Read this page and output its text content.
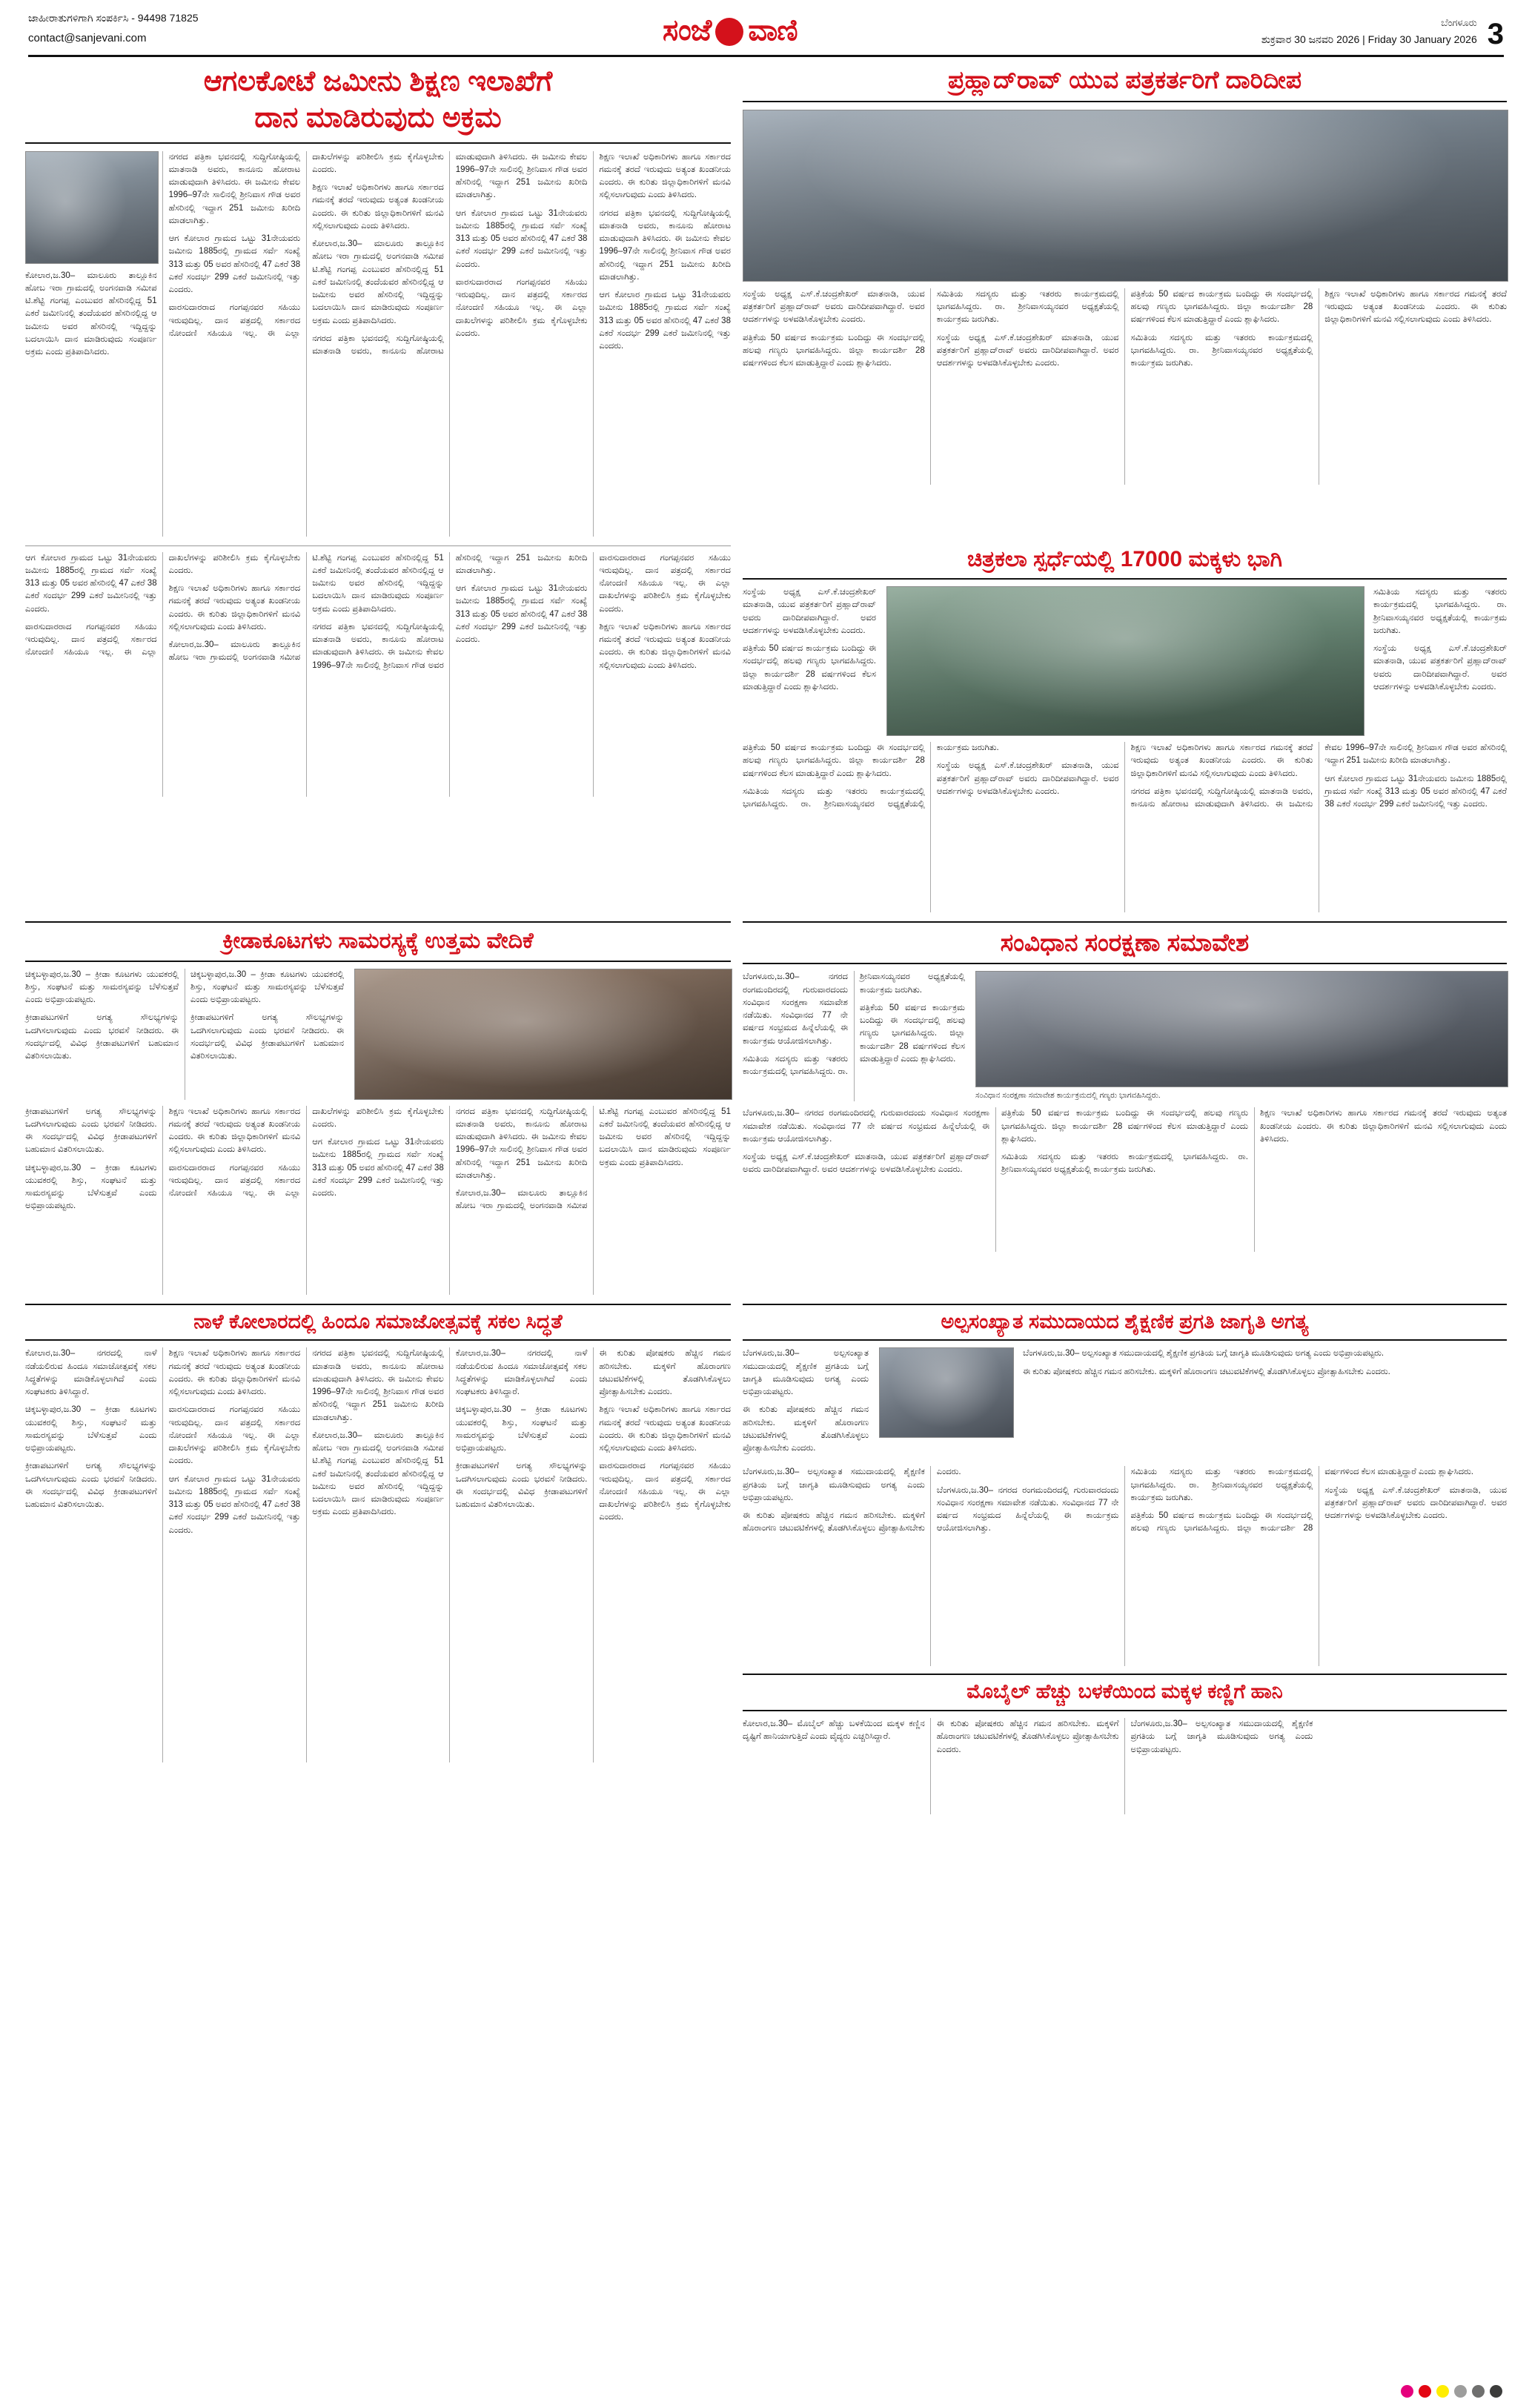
ಜಾಹೀರಾತುಗಳಿಗಾಗಿ ಸಂಪರ್ಕಿಸಿ - 94498 71825
contact@sanjevani.com	ಸಂಜೆ ವಾಣಿ	ಬೆಂಗಳೂರು
ಶುಕ್ರವಾರ 30 ಜನವರಿ 2026 | Friday 30 January 2026 3
ಆಗಲಕೋಟೆ ಜಮೀನು ಶಿಕ್ಷಣ ಇಲಾಖೆಗೆ
ದಾನ ಮಾಡಿರುವುದು ಅಕ್ರಮ

ಕೋಲಾರ,ಜ.30– ಮಾಲೂರು ತಾಲ್ಲೂಕಿನ ಹೋಬ ಇರಾ ಗ್ರಾಮದಲ್ಲಿ ಅಂಗನವಾಡಿ ಸಮೀಪ ಟಿ.ಶೆಟ್ಟಿ ಗಂಗಪ್ಪ ಎಂಬುವರ ಹೆಸರಿನಲ್ಲಿದ್ದ 51 ಎಕರೆ ಜಮೀನಿನಲ್ಲಿ ತಂದೆಯವರ ಹೆಸರಿನಲ್ಲಿದ್ದ ಆ ಜಮೀನು ಅವರ ಹೆಸರಿನಲ್ಲಿ ಇದ್ದಿದ್ದನ್ನು ಬದಲಾಯಿಸಿ ದಾನ ಮಾಡಿರುವುದು ಸಂಪೂರ್ಣ ಅಕ್ರಮ ಎಂದು ಪ್ರತಿಪಾದಿಸಿದರು.

ನಗರದ ಪತ್ರಿಕಾ ಭವನದಲ್ಲಿ ಸುದ್ದಿಗೋಷ್ಠಿಯಲ್ಲಿ ಮಾತನಾಡಿ ಅವರು, ಕಾನೂನು ಹೋರಾಟ ಮಾಡುವುದಾಗಿ ತಿಳಿಸಿದರು. ಈ ಜಮೀನು ಕೇವಲ 1996–97ನೇ ಸಾಲಿನಲ್ಲಿ ಶ್ರೀನಿವಾಸ ಗೌಡ ಅವರ ಹೆಸರಿನಲ್ಲಿ ಇದ್ದಾಗ 251 ಜಮೀನು ಖರೀದಿ ಮಾಡಲಾಗಿತ್ತು.

ಆಗ ಕೋಲಾರ ಗ್ರಾಮದ ಒಟ್ಟು 31ನೇಯವರು ಜಮೀನು 1885ರಲ್ಲಿ ಗ್ರಾಮದ ಸರ್ವೆ ಸಂಖ್ಯೆ 313 ಮತ್ತು 05 ಅವರ ಹೆಸರಿನಲ್ಲಿ 47 ಎಕರೆ 38 ಎಕರೆ ಸಂದರ್ಭ 299 ಎಕರೆ ಜಮೀನಿನಲ್ಲಿ ಇತ್ತು ಎಂದರು.

ವಾರಸುದಾರರಾದ ಗಂಗಪ್ಪನವರ ಸಹಿಯು ಇರುವುದಿಲ್ಲ. ದಾನ ಪತ್ರದಲ್ಲಿ ಸರ್ಕಾರದ ನೋಂದಣಿ ಸಹಿಯೂ ಇಲ್ಲ. ಈ ಎಲ್ಲಾ ದಾಖಲೆಗಳನ್ನು ಪರಿಶೀಲಿಸಿ ಕ್ರಮ ಕೈಗೊಳ್ಳಬೇಕು ಎಂದರು.

ಶಿಕ್ಷಣ ಇಲಾಖೆ ಅಧಿಕಾರಿಗಳು ಹಾಗೂ ಸರ್ಕಾರದ ಗಮನಕ್ಕೆ ತರದೆ ಇರುವುದು ಅತ್ಯಂತ ಖಂಡನೀಯ ಎಂದರು. ಈ ಕುರಿತು ಜಿಲ್ಲಾಧಿಕಾರಿಗಳಿಗೆ ಮನವಿ ಸಲ್ಲಿಸಲಾಗುವುದು ಎಂದು ತಿಳಿಸಿದರು.

ಕೋಲಾರ,ಜ.30– ಮಾಲೂರು ತಾಲ್ಲೂಕಿನ ಹೋಬ ಇರಾ ಗ್ರಾಮದಲ್ಲಿ ಅಂಗನವಾಡಿ ಸಮೀಪ ಟಿ.ಶೆಟ್ಟಿ ಗಂಗಪ್ಪ ಎಂಬುವರ ಹೆಸರಿನಲ್ಲಿದ್ದ 51 ಎಕರೆ ಜಮೀನಿನಲ್ಲಿ ತಂದೆಯವರ ಹೆಸರಿನಲ್ಲಿದ್ದ ಆ ಜಮೀನು ಅವರ ಹೆಸರಿನಲ್ಲಿ ಇದ್ದಿದ್ದನ್ನು ಬದಲಾಯಿಸಿ ದಾನ ಮಾಡಿರುವುದು ಸಂಪೂರ್ಣ ಅಕ್ರಮ ಎಂದು ಪ್ರತಿಪಾದಿಸಿದರು.

ನಗರದ ಪತ್ರಿಕಾ ಭವನದಲ್ಲಿ ಸುದ್ದಿಗೋಷ್ಠಿಯಲ್ಲಿ ಮಾತನಾಡಿ ಅವರು, ಕಾನೂನು ಹೋರಾಟ ಮಾಡುವುದಾಗಿ ತಿಳಿಸಿದರು. ಈ ಜಮೀನು ಕೇವಲ 1996–97ನೇ ಸಾಲಿನಲ್ಲಿ ಶ್ರೀನಿವಾಸ ಗೌಡ ಅವರ ಹೆಸರಿನಲ್ಲಿ ಇದ್ದಾಗ 251 ಜಮೀನು ಖರೀದಿ ಮಾಡಲಾಗಿತ್ತು.

ಆಗ ಕೋಲಾರ ಗ್ರಾಮದ ಒಟ್ಟು 31ನೇಯವರು ಜಮೀನು 1885ರಲ್ಲಿ ಗ್ರಾಮದ ಸರ್ವೆ ಸಂಖ್ಯೆ 313 ಮತ್ತು 05 ಅವರ ಹೆಸರಿನಲ್ಲಿ 47 ಎಕರೆ 38 ಎಕರೆ ಸಂದರ್ಭ 299 ಎಕರೆ ಜಮೀನಿನಲ್ಲಿ ಇತ್ತು ಎಂದರು.

ವಾರಸುದಾರರಾದ ಗಂಗಪ್ಪನವರ ಸಹಿಯು ಇರುವುದಿಲ್ಲ. ದಾನ ಪತ್ರದಲ್ಲಿ ಸರ್ಕಾರದ ನೋಂದಣಿ ಸಹಿಯೂ ಇಲ್ಲ. ಈ ಎಲ್ಲಾ ದಾಖಲೆಗಳನ್ನು ಪರಿಶೀಲಿಸಿ ಕ್ರಮ ಕೈಗೊಳ್ಳಬೇಕು ಎಂದರು.

ಶಿಕ್ಷಣ ಇಲಾಖೆ ಅಧಿಕಾರಿಗಳು ಹಾಗೂ ಸರ್ಕಾರದ ಗಮನಕ್ಕೆ ತರದೆ ಇರುವುದು ಅತ್ಯಂತ ಖಂಡನೀಯ ಎಂದರು. ಈ ಕುರಿತು ಜಿಲ್ಲಾಧಿಕಾರಿಗಳಿಗೆ ಮನವಿ ಸಲ್ಲಿಸಲಾಗುವುದು ಎಂದು ತಿಳಿಸಿದರು.

ನಗರದ ಪತ್ರಿಕಾ ಭವನದಲ್ಲಿ ಸುದ್ದಿಗೋಷ್ಠಿಯಲ್ಲಿ ಮಾತನಾಡಿ ಅವರು, ಕಾನೂನು ಹೋರಾಟ ಮಾಡುವುದಾಗಿ ತಿಳಿಸಿದರು. ಈ ಜಮೀನು ಕೇವಲ 1996–97ನೇ ಸಾಲಿನಲ್ಲಿ ಶ್ರೀನಿವಾಸ ಗೌಡ ಅವರ ಹೆಸರಿನಲ್ಲಿ ಇದ್ದಾಗ 251 ಜಮೀನು ಖರೀದಿ ಮಾಡಲಾಗಿತ್ತು.

ಆಗ ಕೋಲಾರ ಗ್ರಾಮದ ಒಟ್ಟು 31ನೇಯವರು ಜಮೀನು 1885ರಲ್ಲಿ ಗ್ರಾಮದ ಸರ್ವೆ ಸಂಖ್ಯೆ 313 ಮತ್ತು 05 ಅವರ ಹೆಸರಿನಲ್ಲಿ 47 ಎಕರೆ 38 ಎಕರೆ ಸಂದರ್ಭ 299 ಎಕರೆ ಜಮೀನಿನಲ್ಲಿ ಇತ್ತು ಎಂದರು.

ಪ್ರಹ್ಲಾದ್‌ರಾವ್ ಯುವ ಪತ್ರಕರ್ತರಿಗೆ ದಾರಿದೀಪ

ಸಂಸ್ಥೆಯ ಅಧ್ಯಕ್ಷ ಎಸ್.ಕೆ.ಚಂದ್ರಶೇಖರ್ ಮಾತನಾಡಿ, ಯುವ ಪತ್ರಕರ್ತರಿಗೆ ಪ್ರಹ್ಲಾದ್‌ರಾವ್ ಅವರು ದಾರಿದೀಪವಾಗಿದ್ದಾರೆ. ಅವರ ಆದರ್ಶಗಳನ್ನು ಅಳವಡಿಸಿಕೊಳ್ಳಬೇಕು ಎಂದರು.

ಪತ್ರಿಕೆಯ 50 ವರ್ಷದ ಕಾರ್ಯಕ್ರಮ ಬಂದಿದ್ದು ಈ ಸಂದರ್ಭದಲ್ಲಿ ಹಲವು ಗಣ್ಯರು ಭಾಗವಹಿಸಿದ್ದರು. ಜಿಲ್ಲಾ ಕಾರ್ಯದರ್ಶಿ 28 ವರ್ಷಗಳಿಂದ ಕೆಲಸ ಮಾಡುತ್ತಿದ್ದಾರೆ ಎಂದು ಶ್ಲಾಘಿಸಿದರು.

ಸಮಿತಿಯ ಸದಸ್ಯರು ಮತ್ತು ಇತರರು ಕಾರ್ಯಕ್ರಮದಲ್ಲಿ ಭಾಗವಹಿಸಿದ್ದರು. ರಾ. ಶ್ರೀನಿವಾಸಯ್ಯನವರ ಅಧ್ಯಕ್ಷತೆಯಲ್ಲಿ ಕಾರ್ಯಕ್ರಮ ಜರುಗಿತು.

ಸಂಸ್ಥೆಯ ಅಧ್ಯಕ್ಷ ಎಸ್.ಕೆ.ಚಂದ್ರಶೇಖರ್ ಮಾತನಾಡಿ, ಯುವ ಪತ್ರಕರ್ತರಿಗೆ ಪ್ರಹ್ಲಾದ್‌ರಾವ್ ಅವರು ದಾರಿದೀಪವಾಗಿದ್ದಾರೆ. ಅವರ ಆದರ್ಶಗಳನ್ನು ಅಳವಡಿಸಿಕೊಳ್ಳಬೇಕು ಎಂದರು.

ಪತ್ರಿಕೆಯ 50 ವರ್ಷದ ಕಾರ್ಯಕ್ರಮ ಬಂದಿದ್ದು ಈ ಸಂದರ್ಭದಲ್ಲಿ ಹಲವು ಗಣ್ಯರು ಭಾಗವಹಿಸಿದ್ದರು. ಜಿಲ್ಲಾ ಕಾರ್ಯದರ್ಶಿ 28 ವರ್ಷಗಳಿಂದ ಕೆಲಸ ಮಾಡುತ್ತಿದ್ದಾರೆ ಎಂದು ಶ್ಲಾಘಿಸಿದರು.

ಸಮಿತಿಯ ಸದಸ್ಯರು ಮತ್ತು ಇತರರು ಕಾರ್ಯಕ್ರಮದಲ್ಲಿ ಭಾಗವಹಿಸಿದ್ದರು. ರಾ. ಶ್ರೀನಿವಾಸಯ್ಯನವರ ಅಧ್ಯಕ್ಷತೆಯಲ್ಲಿ ಕಾರ್ಯಕ್ರಮ ಜರುಗಿತು.

ಶಿಕ್ಷಣ ಇಲಾಖೆ ಅಧಿಕಾರಿಗಳು ಹಾಗೂ ಸರ್ಕಾರದ ಗಮನಕ್ಕೆ ತರದೆ ಇರುವುದು ಅತ್ಯಂತ ಖಂಡನೀಯ ಎಂದರು. ಈ ಕುರಿತು ಜಿಲ್ಲಾಧಿಕಾರಿಗಳಿಗೆ ಮನವಿ ಸಲ್ಲಿಸಲಾಗುವುದು ಎಂದು ತಿಳಿಸಿದರು.

ಆಗ ಕೋಲಾರ ಗ್ರಾಮದ ಒಟ್ಟು 31ನೇಯವರು ಜಮೀನು 1885ರಲ್ಲಿ ಗ್ರಾಮದ ಸರ್ವೆ ಸಂಖ್ಯೆ 313 ಮತ್ತು 05 ಅವರ ಹೆಸರಿನಲ್ಲಿ 47 ಎಕರೆ 38 ಎಕರೆ ಸಂದರ್ಭ 299 ಎಕರೆ ಜಮೀನಿನಲ್ಲಿ ಇತ್ತು ಎಂದರು.

ವಾರಸುದಾರರಾದ ಗಂಗಪ್ಪನವರ ಸಹಿಯು ಇರುವುದಿಲ್ಲ. ದಾನ ಪತ್ರದಲ್ಲಿ ಸರ್ಕಾರದ ನೋಂದಣಿ ಸಹಿಯೂ ಇಲ್ಲ. ಈ ಎಲ್ಲಾ ದಾಖಲೆಗಳನ್ನು ಪರಿಶೀಲಿಸಿ ಕ್ರಮ ಕೈಗೊಳ್ಳಬೇಕು ಎಂದರು.

ಶಿಕ್ಷಣ ಇಲಾಖೆ ಅಧಿಕಾರಿಗಳು ಹಾಗೂ ಸರ್ಕಾರದ ಗಮನಕ್ಕೆ ತರದೆ ಇರುವುದು ಅತ್ಯಂತ ಖಂಡನೀಯ ಎಂದರು. ಈ ಕುರಿತು ಜಿಲ್ಲಾಧಿಕಾರಿಗಳಿಗೆ ಮನವಿ ಸಲ್ಲಿಸಲಾಗುವುದು ಎಂದು ತಿಳಿಸಿದರು.

ಕೋಲಾರ,ಜ.30– ಮಾಲೂರು ತಾಲ್ಲೂಕಿನ ಹೋಬ ಇರಾ ಗ್ರಾಮದಲ್ಲಿ ಅಂಗನವಾಡಿ ಸಮೀಪ ಟಿ.ಶೆಟ್ಟಿ ಗಂಗಪ್ಪ ಎಂಬುವರ ಹೆಸರಿನಲ್ಲಿದ್ದ 51 ಎಕರೆ ಜಮೀನಿನಲ್ಲಿ ತಂದೆಯವರ ಹೆಸರಿನಲ್ಲಿದ್ದ ಆ ಜಮೀನು ಅವರ ಹೆಸರಿನಲ್ಲಿ ಇದ್ದಿದ್ದನ್ನು ಬದಲಾಯಿಸಿ ದಾನ ಮಾಡಿರುವುದು ಸಂಪೂರ್ಣ ಅಕ್ರಮ ಎಂದು ಪ್ರತಿಪಾದಿಸಿದರು.

ನಗರದ ಪತ್ರಿಕಾ ಭವನದಲ್ಲಿ ಸುದ್ದಿಗೋಷ್ಠಿಯಲ್ಲಿ ಮಾತನಾಡಿ ಅವರು, ಕಾನೂನು ಹೋರಾಟ ಮಾಡುವುದಾಗಿ ತಿಳಿಸಿದರು. ಈ ಜಮೀನು ಕೇವಲ 1996–97ನೇ ಸಾಲಿನಲ್ಲಿ ಶ್ರೀನಿವಾಸ ಗೌಡ ಅವರ ಹೆಸರಿನಲ್ಲಿ ಇದ್ದಾಗ 251 ಜಮೀನು ಖರೀದಿ ಮಾಡಲಾಗಿತ್ತು.

ಆಗ ಕೋಲಾರ ಗ್ರಾಮದ ಒಟ್ಟು 31ನೇಯವರು ಜಮೀನು 1885ರಲ್ಲಿ ಗ್ರಾಮದ ಸರ್ವೆ ಸಂಖ್ಯೆ 313 ಮತ್ತು 05 ಅವರ ಹೆಸರಿನಲ್ಲಿ 47 ಎಕರೆ 38 ಎಕರೆ ಸಂದರ್ಭ 299 ಎಕರೆ ಜಮೀನಿನಲ್ಲಿ ಇತ್ತು ಎಂದರು.

ವಾರಸುದಾರರಾದ ಗಂಗಪ್ಪನವರ ಸಹಿಯು ಇರುವುದಿಲ್ಲ. ದಾನ ಪತ್ರದಲ್ಲಿ ಸರ್ಕಾರದ ನೋಂದಣಿ ಸಹಿಯೂ ಇಲ್ಲ. ಈ ಎಲ್ಲಾ ದಾಖಲೆಗಳನ್ನು ಪರಿಶೀಲಿಸಿ ಕ್ರಮ ಕೈಗೊಳ್ಳಬೇಕು ಎಂದರು.

ಶಿಕ್ಷಣ ಇಲಾಖೆ ಅಧಿಕಾರಿಗಳು ಹಾಗೂ ಸರ್ಕಾರದ ಗಮನಕ್ಕೆ ತರದೆ ಇರುವುದು ಅತ್ಯಂತ ಖಂಡನೀಯ ಎಂದರು. ಈ ಕುರಿತು ಜಿಲ್ಲಾಧಿಕಾರಿಗಳಿಗೆ ಮನವಿ ಸಲ್ಲಿಸಲಾಗುವುದು ಎಂದು ತಿಳಿಸಿದರು.

ಚಿತ್ರಕಲಾ ಸ್ಪರ್ಧೆಯಲ್ಲಿ 17000 ಮಕ್ಕಳು ಭಾಗಿ

ಸಂಸ್ಥೆಯ ಅಧ್ಯಕ್ಷ ಎಸ್.ಕೆ.ಚಂದ್ರಶೇಖರ್ ಮಾತನಾಡಿ, ಯುವ ಪತ್ರಕರ್ತರಿಗೆ ಪ್ರಹ್ಲಾದ್‌ರಾವ್ ಅವರು ದಾರಿದೀಪವಾಗಿದ್ದಾರೆ. ಅವರ ಆದರ್ಶಗಳನ್ನು ಅಳವಡಿಸಿಕೊಳ್ಳಬೇಕು ಎಂದರು.

ಪತ್ರಿಕೆಯ 50 ವರ್ಷದ ಕಾರ್ಯಕ್ರಮ ಬಂದಿದ್ದು ಈ ಸಂದರ್ಭದಲ್ಲಿ ಹಲವು ಗಣ್ಯರು ಭಾಗವಹಿಸಿದ್ದರು. ಜಿಲ್ಲಾ ಕಾರ್ಯದರ್ಶಿ 28 ವರ್ಷಗಳಿಂದ ಕೆಲಸ ಮಾಡುತ್ತಿದ್ದಾರೆ ಎಂದು ಶ್ಲಾಘಿಸಿದರು.

ಸಮಿತಿಯ ಸದಸ್ಯರು ಮತ್ತು ಇತರರು ಕಾರ್ಯಕ್ರಮದಲ್ಲಿ ಭಾಗವಹಿಸಿದ್ದರು. ರಾ. ಶ್ರೀನಿವಾಸಯ್ಯನವರ ಅಧ್ಯಕ್ಷತೆಯಲ್ಲಿ ಕಾರ್ಯಕ್ರಮ ಜರುಗಿತು.

ಸಂಸ್ಥೆಯ ಅಧ್ಯಕ್ಷ ಎಸ್.ಕೆ.ಚಂದ್ರಶೇಖರ್ ಮಾತನಾಡಿ, ಯುವ ಪತ್ರಕರ್ತರಿಗೆ ಪ್ರಹ್ಲಾದ್‌ರಾವ್ ಅವರು ದಾರಿದೀಪವಾಗಿದ್ದಾರೆ. ಅವರ ಆದರ್ಶಗಳನ್ನು ಅಳವಡಿಸಿಕೊಳ್ಳಬೇಕು ಎಂದರು.

ಪತ್ರಿಕೆಯ 50 ವರ್ಷದ ಕಾರ್ಯಕ್ರಮ ಬಂದಿದ್ದು ಈ ಸಂದರ್ಭದಲ್ಲಿ ಹಲವು ಗಣ್ಯರು ಭಾಗವಹಿಸಿದ್ದರು. ಜಿಲ್ಲಾ ಕಾರ್ಯದರ್ಶಿ 28 ವರ್ಷಗಳಿಂದ ಕೆಲಸ ಮಾಡುತ್ತಿದ್ದಾರೆ ಎಂದು ಶ್ಲಾಘಿಸಿದರು.

ಸಮಿತಿಯ ಸದಸ್ಯರು ಮತ್ತು ಇತರರು ಕಾರ್ಯಕ್ರಮದಲ್ಲಿ ಭಾಗವಹಿಸಿದ್ದರು. ರಾ. ಶ್ರೀನಿವಾಸಯ್ಯನವರ ಅಧ್ಯಕ್ಷತೆಯಲ್ಲಿ ಕಾರ್ಯಕ್ರಮ ಜರುಗಿತು.

ಸಂಸ್ಥೆಯ ಅಧ್ಯಕ್ಷ ಎಸ್.ಕೆ.ಚಂದ್ರಶೇಖರ್ ಮಾತನಾಡಿ, ಯುವ ಪತ್ರಕರ್ತರಿಗೆ ಪ್ರಹ್ಲಾದ್‌ರಾವ್ ಅವರು ದಾರಿದೀಪವಾಗಿದ್ದಾರೆ. ಅವರ ಆದರ್ಶಗಳನ್ನು ಅಳವಡಿಸಿಕೊಳ್ಳಬೇಕು ಎಂದರು.

ಶಿಕ್ಷಣ ಇಲಾಖೆ ಅಧಿಕಾರಿಗಳು ಹಾಗೂ ಸರ್ಕಾರದ ಗಮನಕ್ಕೆ ತರದೆ ಇರುವುದು ಅತ್ಯಂತ ಖಂಡನೀಯ ಎಂದರು. ಈ ಕುರಿತು ಜಿಲ್ಲಾಧಿಕಾರಿಗಳಿಗೆ ಮನವಿ ಸಲ್ಲಿಸಲಾಗುವುದು ಎಂದು ತಿಳಿಸಿದರು.

ನಗರದ ಪತ್ರಿಕಾ ಭವನದಲ್ಲಿ ಸುದ್ದಿಗೋಷ್ಠಿಯಲ್ಲಿ ಮಾತನಾಡಿ ಅವರು, ಕಾನೂನು ಹೋರಾಟ ಮಾಡುವುದಾಗಿ ತಿಳಿಸಿದರು. ಈ ಜಮೀನು ಕೇವಲ 1996–97ನೇ ಸಾಲಿನಲ್ಲಿ ಶ್ರೀನಿವಾಸ ಗೌಡ ಅವರ ಹೆಸರಿನಲ್ಲಿ ಇದ್ದಾಗ 251 ಜಮೀನು ಖರೀದಿ ಮಾಡಲಾಗಿತ್ತು.

ಆಗ ಕೋಲಾರ ಗ್ರಾಮದ ಒಟ್ಟು 31ನೇಯವರು ಜಮೀನು 1885ರಲ್ಲಿ ಗ್ರಾಮದ ಸರ್ವೆ ಸಂಖ್ಯೆ 313 ಮತ್ತು 05 ಅವರ ಹೆಸರಿನಲ್ಲಿ 47 ಎಕರೆ 38 ಎಕರೆ ಸಂದರ್ಭ 299 ಎಕರೆ ಜಮೀನಿನಲ್ಲಿ ಇತ್ತು ಎಂದರು.

ಕ್ರೀಡಾಕೂಟಗಳು ಸಾಮರಸ್ಯಕ್ಕೆ ಉತ್ತಮ ವೇದಿಕೆ

ಚಿಕ್ಕಬಳ್ಳಾಪುರ,ಜ.30 – ಕ್ರೀಡಾ ಕೂಟಗಳು ಯುವಕರಲ್ಲಿ ಶಿಸ್ತು, ಸಂಘಟನೆ ಮತ್ತು ಸಾಮರಸ್ಯವನ್ನು ಬೆಳೆಸುತ್ತವೆ ಎಂದು ಅಭಿಪ್ರಾಯಪಟ್ಟರು.

ಕ್ರೀಡಾಪಟುಗಳಿಗೆ ಅಗತ್ಯ ಸೌಲಭ್ಯಗಳನ್ನು ಒದಗಿಸಲಾಗುವುದು ಎಂದು ಭರವಸೆ ನೀಡಿದರು. ಈ ಸಂದರ್ಭದಲ್ಲಿ ವಿವಿಧ ಕ್ರೀಡಾಪಟುಗಳಿಗೆ ಬಹುಮಾನ ವಿತರಿಸಲಾಯಿತು.

ಚಿಕ್ಕಬಳ್ಳಾಪುರ,ಜ.30 – ಕ್ರೀಡಾ ಕೂಟಗಳು ಯುವಕರಲ್ಲಿ ಶಿಸ್ತು, ಸಂಘಟನೆ ಮತ್ತು ಸಾಮರಸ್ಯವನ್ನು ಬೆಳೆಸುತ್ತವೆ ಎಂದು ಅಭಿಪ್ರಾಯಪಟ್ಟರು.

ಕ್ರೀಡಾಪಟುಗಳಿಗೆ ಅಗತ್ಯ ಸೌಲಭ್ಯಗಳನ್ನು ಒದಗಿಸಲಾಗುವುದು ಎಂದು ಭರವಸೆ ನೀಡಿದರು. ಈ ಸಂದರ್ಭದಲ್ಲಿ ವಿವಿಧ ಕ್ರೀಡಾಪಟುಗಳಿಗೆ ಬಹುಮಾನ ವಿತರಿಸಲಾಯಿತು.

ಕ್ರೀಡಾಪಟುಗಳಿಗೆ ಅಗತ್ಯ ಸೌಲಭ್ಯಗಳನ್ನು ಒದಗಿಸಲಾಗುವುದು ಎಂದು ಭರವಸೆ ನೀಡಿದರು. ಈ ಸಂದರ್ಭದಲ್ಲಿ ವಿವಿಧ ಕ್ರೀಡಾಪಟುಗಳಿಗೆ ಬಹುಮಾನ ವಿತರಿಸಲಾಯಿತು.

ಚಿಕ್ಕಬಳ್ಳಾಪುರ,ಜ.30 – ಕ್ರೀಡಾ ಕೂಟಗಳು ಯುವಕರಲ್ಲಿ ಶಿಸ್ತು, ಸಂಘಟನೆ ಮತ್ತು ಸಾಮರಸ್ಯವನ್ನು ಬೆಳೆಸುತ್ತವೆ ಎಂದು ಅಭಿಪ್ರಾಯಪಟ್ಟರು.

ಶಿಕ್ಷಣ ಇಲಾಖೆ ಅಧಿಕಾರಿಗಳು ಹಾಗೂ ಸರ್ಕಾರದ ಗಮನಕ್ಕೆ ತರದೆ ಇರುವುದು ಅತ್ಯಂತ ಖಂಡನೀಯ ಎಂದರು. ಈ ಕುರಿತು ಜಿಲ್ಲಾಧಿಕಾರಿಗಳಿಗೆ ಮನವಿ ಸಲ್ಲಿಸಲಾಗುವುದು ಎಂದು ತಿಳಿಸಿದರು.

ವಾರಸುದಾರರಾದ ಗಂಗಪ್ಪನವರ ಸಹಿಯು ಇರುವುದಿಲ್ಲ. ದಾನ ಪತ್ರದಲ್ಲಿ ಸರ್ಕಾರದ ನೋಂದಣಿ ಸಹಿಯೂ ಇಲ್ಲ. ಈ ಎಲ್ಲಾ ದಾಖಲೆಗಳನ್ನು ಪರಿಶೀಲಿಸಿ ಕ್ರಮ ಕೈಗೊಳ್ಳಬೇಕು ಎಂದರು.

ಆಗ ಕೋಲಾರ ಗ್ರಾಮದ ಒಟ್ಟು 31ನೇಯವರು ಜಮೀನು 1885ರಲ್ಲಿ ಗ್ರಾಮದ ಸರ್ವೆ ಸಂಖ್ಯೆ 313 ಮತ್ತು 05 ಅವರ ಹೆಸರಿನಲ್ಲಿ 47 ಎಕರೆ 38 ಎಕರೆ ಸಂದರ್ಭ 299 ಎಕರೆ ಜಮೀನಿನಲ್ಲಿ ಇತ್ತು ಎಂದರು.

ನಗರದ ಪತ್ರಿಕಾ ಭವನದಲ್ಲಿ ಸುದ್ದಿಗೋಷ್ಠಿಯಲ್ಲಿ ಮಾತನಾಡಿ ಅವರು, ಕಾನೂನು ಹೋರಾಟ ಮಾಡುವುದಾಗಿ ತಿಳಿಸಿದರು. ಈ ಜಮೀನು ಕೇವಲ 1996–97ನೇ ಸಾಲಿನಲ್ಲಿ ಶ್ರೀನಿವಾಸ ಗೌಡ ಅವರ ಹೆಸರಿನಲ್ಲಿ ಇದ್ದಾಗ 251 ಜಮೀನು ಖರೀದಿ ಮಾಡಲಾಗಿತ್ತು.

ಕೋಲಾರ,ಜ.30– ಮಾಲೂರು ತಾಲ್ಲೂಕಿನ ಹೋಬ ಇರಾ ಗ್ರಾಮದಲ್ಲಿ ಅಂಗನವಾಡಿ ಸಮೀಪ ಟಿ.ಶೆಟ್ಟಿ ಗಂಗಪ್ಪ ಎಂಬುವರ ಹೆಸರಿನಲ್ಲಿದ್ದ 51 ಎಕರೆ ಜಮೀನಿನಲ್ಲಿ ತಂದೆಯವರ ಹೆಸರಿನಲ್ಲಿದ್ದ ಆ ಜಮೀನು ಅವರ ಹೆಸರಿನಲ್ಲಿ ಇದ್ದಿದ್ದನ್ನು ಬದಲಾಯಿಸಿ ದಾನ ಮಾಡಿರುವುದು ಸಂಪೂರ್ಣ ಅಕ್ರಮ ಎಂದು ಪ್ರತಿಪಾದಿಸಿದರು.

ಸಂವಿಧಾನ ಸಂರಕ್ಷಣಾ ಸಮಾವೇಶ

ಬೆಂಗಳೂರು,ಜ.30– ನಗರದ ರಂಗಮಂದಿರದಲ್ಲಿ ಗುರುವಾರದಂದು ಸಂವಿಧಾನ ಸಂರಕ್ಷಣಾ ಸಮಾವೇಶ ನಡೆಯಿತು. ಸಂವಿಧಾನದ 77 ನೇ ವರ್ಷದ ಸಂಭ್ರಮದ ಹಿನ್ನೆಲೆಯಲ್ಲಿ ಈ ಕಾರ್ಯಕ್ರಮ ಆಯೋಜಿಸಲಾಗಿತ್ತು.

ಸಮಿತಿಯ ಸದಸ್ಯರು ಮತ್ತು ಇತರರು ಕಾರ್ಯಕ್ರಮದಲ್ಲಿ ಭಾಗವಹಿಸಿದ್ದರು. ರಾ. ಶ್ರೀನಿವಾಸಯ್ಯನವರ ಅಧ್ಯಕ್ಷತೆಯಲ್ಲಿ ಕಾರ್ಯಕ್ರಮ ಜರುಗಿತು.

ಪತ್ರಿಕೆಯ 50 ವರ್ಷದ ಕಾರ್ಯಕ್ರಮ ಬಂದಿದ್ದು ಈ ಸಂದರ್ಭದಲ್ಲಿ ಹಲವು ಗಣ್ಯರು ಭಾಗವಹಿಸಿದ್ದರು. ಜಿಲ್ಲಾ ಕಾರ್ಯದರ್ಶಿ 28 ವರ್ಷಗಳಿಂದ ಕೆಲಸ ಮಾಡುತ್ತಿದ್ದಾರೆ ಎಂದು ಶ್ಲಾಘಿಸಿದರು.

ಸಂವಿಧಾನ ಸಂರಕ್ಷಣಾ ಸಮಾವೇಶ ಕಾರ್ಯಕ್ರಮದಲ್ಲಿ ಗಣ್ಯರು ಭಾಗವಹಿಸಿದ್ದರು.

ಬೆಂಗಳೂರು,ಜ.30– ನಗರದ ರಂಗಮಂದಿರದಲ್ಲಿ ಗುರುವಾರದಂದು ಸಂವಿಧಾನ ಸಂರಕ್ಷಣಾ ಸಮಾವೇಶ ನಡೆಯಿತು. ಸಂವಿಧಾನದ 77 ನೇ ವರ್ಷದ ಸಂಭ್ರಮದ ಹಿನ್ನೆಲೆಯಲ್ಲಿ ಈ ಕಾರ್ಯಕ್ರಮ ಆಯೋಜಿಸಲಾಗಿತ್ತು.

ಸಂಸ್ಥೆಯ ಅಧ್ಯಕ್ಷ ಎಸ್.ಕೆ.ಚಂದ್ರಶೇಖರ್ ಮಾತನಾಡಿ, ಯುವ ಪತ್ರಕರ್ತರಿಗೆ ಪ್ರಹ್ಲಾದ್‌ರಾವ್ ಅವರು ದಾರಿದೀಪವಾಗಿದ್ದಾರೆ. ಅವರ ಆದರ್ಶಗಳನ್ನು ಅಳವಡಿಸಿಕೊಳ್ಳಬೇಕು ಎಂದರು.

ಪತ್ರಿಕೆಯ 50 ವರ್ಷದ ಕಾರ್ಯಕ್ರಮ ಬಂದಿದ್ದು ಈ ಸಂದರ್ಭದಲ್ಲಿ ಹಲವು ಗಣ್ಯರು ಭಾಗವಹಿಸಿದ್ದರು. ಜಿಲ್ಲಾ ಕಾರ್ಯದರ್ಶಿ 28 ವರ್ಷಗಳಿಂದ ಕೆಲಸ ಮಾಡುತ್ತಿದ್ದಾರೆ ಎಂದು ಶ್ಲಾಘಿಸಿದರು.

ಸಮಿತಿಯ ಸದಸ್ಯರು ಮತ್ತು ಇತರರು ಕಾರ್ಯಕ್ರಮದಲ್ಲಿ ಭಾಗವಹಿಸಿದ್ದರು. ರಾ. ಶ್ರೀನಿವಾಸಯ್ಯನವರ ಅಧ್ಯಕ್ಷತೆಯಲ್ಲಿ ಕಾರ್ಯಕ್ರಮ ಜರುಗಿತು.

ಶಿಕ್ಷಣ ಇಲಾಖೆ ಅಧಿಕಾರಿಗಳು ಹಾಗೂ ಸರ್ಕಾರದ ಗಮನಕ್ಕೆ ತರದೆ ಇರುವುದು ಅತ್ಯಂತ ಖಂಡನೀಯ ಎಂದರು. ಈ ಕುರಿತು ಜಿಲ್ಲಾಧಿಕಾರಿಗಳಿಗೆ ಮನವಿ ಸಲ್ಲಿಸಲಾಗುವುದು ಎಂದು ತಿಳಿಸಿದರು.

ನಾಳೆ ಕೋಲಾರದಲ್ಲಿ ಹಿಂದೂ ಸಮಾಜೋತ್ಸವಕ್ಕೆ ಸಕಲ ಸಿದ್ಧತೆ

ಕೋಲಾರ,ಜ.30– ನಗರದಲ್ಲಿ ನಾಳೆ ನಡೆಯಲಿರುವ ಹಿಂದೂ ಸಮಾಜೋತ್ಸವಕ್ಕೆ ಸಕಲ ಸಿದ್ಧತೆಗಳನ್ನು ಮಾಡಿಕೊಳ್ಳಲಾಗಿದೆ ಎಂದು ಸಂಘಟಕರು ತಿಳಿಸಿದ್ದಾರೆ.

ಚಿಕ್ಕಬಳ್ಳಾಪುರ,ಜ.30 – ಕ್ರೀಡಾ ಕೂಟಗಳು ಯುವಕರಲ್ಲಿ ಶಿಸ್ತು, ಸಂಘಟನೆ ಮತ್ತು ಸಾಮರಸ್ಯವನ್ನು ಬೆಳೆಸುತ್ತವೆ ಎಂದು ಅಭಿಪ್ರಾಯಪಟ್ಟರು.

ಕ್ರೀಡಾಪಟುಗಳಿಗೆ ಅಗತ್ಯ ಸೌಲಭ್ಯಗಳನ್ನು ಒದಗಿಸಲಾಗುವುದು ಎಂದು ಭರವಸೆ ನೀಡಿದರು. ಈ ಸಂದರ್ಭದಲ್ಲಿ ವಿವಿಧ ಕ್ರೀಡಾಪಟುಗಳಿಗೆ ಬಹುಮಾನ ವಿತರಿಸಲಾಯಿತು.

ಶಿಕ್ಷಣ ಇಲಾಖೆ ಅಧಿಕಾರಿಗಳು ಹಾಗೂ ಸರ್ಕಾರದ ಗಮನಕ್ಕೆ ತರದೆ ಇರುವುದು ಅತ್ಯಂತ ಖಂಡನೀಯ ಎಂದರು. ಈ ಕುರಿತು ಜಿಲ್ಲಾಧಿಕಾರಿಗಳಿಗೆ ಮನವಿ ಸಲ್ಲಿಸಲಾಗುವುದು ಎಂದು ತಿಳಿಸಿದರು.

ವಾರಸುದಾರರಾದ ಗಂಗಪ್ಪನವರ ಸಹಿಯು ಇರುವುದಿಲ್ಲ. ದಾನ ಪತ್ರದಲ್ಲಿ ಸರ್ಕಾರದ ನೋಂದಣಿ ಸಹಿಯೂ ಇಲ್ಲ. ಈ ಎಲ್ಲಾ ದಾಖಲೆಗಳನ್ನು ಪರಿಶೀಲಿಸಿ ಕ್ರಮ ಕೈಗೊಳ್ಳಬೇಕು ಎಂದರು.

ಆಗ ಕೋಲಾರ ಗ್ರಾಮದ ಒಟ್ಟು 31ನೇಯವರು ಜಮೀನು 1885ರಲ್ಲಿ ಗ್ರಾಮದ ಸರ್ವೆ ಸಂಖ್ಯೆ 313 ಮತ್ತು 05 ಅವರ ಹೆಸರಿನಲ್ಲಿ 47 ಎಕರೆ 38 ಎಕರೆ ಸಂದರ್ಭ 299 ಎಕರೆ ಜಮೀನಿನಲ್ಲಿ ಇತ್ತು ಎಂದರು.

ನಗರದ ಪತ್ರಿಕಾ ಭವನದಲ್ಲಿ ಸುದ್ದಿಗೋಷ್ಠಿಯಲ್ಲಿ ಮಾತನಾಡಿ ಅವರು, ಕಾನೂನು ಹೋರಾಟ ಮಾಡುವುದಾಗಿ ತಿಳಿಸಿದರು. ಈ ಜಮೀನು ಕೇವಲ 1996–97ನೇ ಸಾಲಿನಲ್ಲಿ ಶ್ರೀನಿವಾಸ ಗೌಡ ಅವರ ಹೆಸರಿನಲ್ಲಿ ಇದ್ದಾಗ 251 ಜಮೀನು ಖರೀದಿ ಮಾಡಲಾಗಿತ್ತು.

ಕೋಲಾರ,ಜ.30– ಮಾಲೂರು ತಾಲ್ಲೂಕಿನ ಹೋಬ ಇರಾ ಗ್ರಾಮದಲ್ಲಿ ಅಂಗನವಾಡಿ ಸಮೀಪ ಟಿ.ಶೆಟ್ಟಿ ಗಂಗಪ್ಪ ಎಂಬುವರ ಹೆಸರಿನಲ್ಲಿದ್ದ 51 ಎಕರೆ ಜಮೀನಿನಲ್ಲಿ ತಂದೆಯವರ ಹೆಸರಿನಲ್ಲಿದ್ದ ಆ ಜಮೀನು ಅವರ ಹೆಸರಿನಲ್ಲಿ ಇದ್ದಿದ್ದನ್ನು ಬದಲಾಯಿಸಿ ದಾನ ಮಾಡಿರುವುದು ಸಂಪೂರ್ಣ ಅಕ್ರಮ ಎಂದು ಪ್ರತಿಪಾದಿಸಿದರು.

ಕೋಲಾರ,ಜ.30– ನಗರದಲ್ಲಿ ನಾಳೆ ನಡೆಯಲಿರುವ ಹಿಂದೂ ಸಮಾಜೋತ್ಸವಕ್ಕೆ ಸಕಲ ಸಿದ್ಧತೆಗಳನ್ನು ಮಾಡಿಕೊಳ್ಳಲಾಗಿದೆ ಎಂದು ಸಂಘಟಕರು ತಿಳಿಸಿದ್ದಾರೆ.

ಚಿಕ್ಕಬಳ್ಳಾಪುರ,ಜ.30 – ಕ್ರೀಡಾ ಕೂಟಗಳು ಯುವಕರಲ್ಲಿ ಶಿಸ್ತು, ಸಂಘಟನೆ ಮತ್ತು ಸಾಮರಸ್ಯವನ್ನು ಬೆಳೆಸುತ್ತವೆ ಎಂದು ಅಭಿಪ್ರಾಯಪಟ್ಟರು.

ಕ್ರೀಡಾಪಟುಗಳಿಗೆ ಅಗತ್ಯ ಸೌಲಭ್ಯಗಳನ್ನು ಒದಗಿಸಲಾಗುವುದು ಎಂದು ಭರವಸೆ ನೀಡಿದರು. ಈ ಸಂದರ್ಭದಲ್ಲಿ ವಿವಿಧ ಕ್ರೀಡಾಪಟುಗಳಿಗೆ ಬಹುಮಾನ ವಿತರಿಸಲಾಯಿತು.

ಈ ಕುರಿತು ಪೋಷಕರು ಹೆಚ್ಚಿನ ಗಮನ ಹರಿಸಬೇಕು. ಮಕ್ಕಳಿಗೆ ಹೊರಾಂಗಣ ಚಟುವಟಿಕೆಗಳಲ್ಲಿ ತೊಡಗಿಸಿಕೊಳ್ಳಲು ಪ್ರೋತ್ಸಾಹಿಸಬೇಕು ಎಂದರು.

ಶಿಕ್ಷಣ ಇಲಾಖೆ ಅಧಿಕಾರಿಗಳು ಹಾಗೂ ಸರ್ಕಾರದ ಗಮನಕ್ಕೆ ತರದೆ ಇರುವುದು ಅತ್ಯಂತ ಖಂಡನೀಯ ಎಂದರು. ಈ ಕುರಿತು ಜಿಲ್ಲಾಧಿಕಾರಿಗಳಿಗೆ ಮನವಿ ಸಲ್ಲಿಸಲಾಗುವುದು ಎಂದು ತಿಳಿಸಿದರು.

ವಾರಸುದಾರರಾದ ಗಂಗಪ್ಪನವರ ಸಹಿಯು ಇರುವುದಿಲ್ಲ. ದಾನ ಪತ್ರದಲ್ಲಿ ಸರ್ಕಾರದ ನೋಂದಣಿ ಸಹಿಯೂ ಇಲ್ಲ. ಈ ಎಲ್ಲಾ ದಾಖಲೆಗಳನ್ನು ಪರಿಶೀಲಿಸಿ ಕ್ರಮ ಕೈಗೊಳ್ಳಬೇಕು ಎಂದರು.

ಅಲ್ಪಸಂಖ್ಯಾತ ಸಮುದಾಯದ ಶೈಕ್ಷಣಿಕ ಪ್ರಗತಿ ಜಾಗೃತಿ ಅಗತ್ಯ

ಬೆಂಗಳೂರು,ಜ.30– ಅಲ್ಪಸಂಖ್ಯಾತ ಸಮುದಾಯದಲ್ಲಿ ಶೈಕ್ಷಣಿಕ ಪ್ರಗತಿಯ ಬಗ್ಗೆ ಜಾಗೃತಿ ಮೂಡಿಸುವುದು ಅಗತ್ಯ ಎಂದು ಅಭಿಪ್ರಾಯಪಟ್ಟರು.

ಈ ಕುರಿತು ಪೋಷಕರು ಹೆಚ್ಚಿನ ಗಮನ ಹರಿಸಬೇಕು. ಮಕ್ಕಳಿಗೆ ಹೊರಾಂಗಣ ಚಟುವಟಿಕೆಗಳಲ್ಲಿ ತೊಡಗಿಸಿಕೊಳ್ಳಲು ಪ್ರೋತ್ಸಾಹಿಸಬೇಕು ಎಂದರು.

ಬೆಂಗಳೂರು,ಜ.30– ಅಲ್ಪಸಂಖ್ಯಾತ ಸಮುದಾಯದಲ್ಲಿ ಶೈಕ್ಷಣಿಕ ಪ್ರಗತಿಯ ಬಗ್ಗೆ ಜಾಗೃತಿ ಮೂಡಿಸುವುದು ಅಗತ್ಯ ಎಂದು ಅಭಿಪ್ರಾಯಪಟ್ಟರು.

ಈ ಕುರಿತು ಪೋಷಕರು ಹೆಚ್ಚಿನ ಗಮನ ಹರಿಸಬೇಕು. ಮಕ್ಕಳಿಗೆ ಹೊರಾಂಗಣ ಚಟುವಟಿಕೆಗಳಲ್ಲಿ ತೊಡಗಿಸಿಕೊಳ್ಳಲು ಪ್ರೋತ್ಸಾಹಿಸಬೇಕು ಎಂದರು.

ಬೆಂಗಳೂರು,ಜ.30– ಅಲ್ಪಸಂಖ್ಯಾತ ಸಮುದಾಯದಲ್ಲಿ ಶೈಕ್ಷಣಿಕ ಪ್ರಗತಿಯ ಬಗ್ಗೆ ಜಾಗೃತಿ ಮೂಡಿಸುವುದು ಅಗತ್ಯ ಎಂದು ಅಭಿಪ್ರಾಯಪಟ್ಟರು.

ಈ ಕುರಿತು ಪೋಷಕರು ಹೆಚ್ಚಿನ ಗಮನ ಹರಿಸಬೇಕು. ಮಕ್ಕಳಿಗೆ ಹೊರಾಂಗಣ ಚಟುವಟಿಕೆಗಳಲ್ಲಿ ತೊಡಗಿಸಿಕೊಳ್ಳಲು ಪ್ರೋತ್ಸಾಹಿಸಬೇಕು ಎಂದರು.

ಬೆಂಗಳೂರು,ಜ.30– ನಗರದ ರಂಗಮಂದಿರದಲ್ಲಿ ಗುರುವಾರದಂದು ಸಂವಿಧಾನ ಸಂರಕ್ಷಣಾ ಸಮಾವೇಶ ನಡೆಯಿತು. ಸಂವಿಧಾನದ 77 ನೇ ವರ್ಷದ ಸಂಭ್ರಮದ ಹಿನ್ನೆಲೆಯಲ್ಲಿ ಈ ಕಾರ್ಯಕ್ರಮ ಆಯೋಜಿಸಲಾಗಿತ್ತು.

ಸಮಿತಿಯ ಸದಸ್ಯರು ಮತ್ತು ಇತರರು ಕಾರ್ಯಕ್ರಮದಲ್ಲಿ ಭಾಗವಹಿಸಿದ್ದರು. ರಾ. ಶ್ರೀನಿವಾಸಯ್ಯನವರ ಅಧ್ಯಕ್ಷತೆಯಲ್ಲಿ ಕಾರ್ಯಕ್ರಮ ಜರುಗಿತು.

ಪತ್ರಿಕೆಯ 50 ವರ್ಷದ ಕಾರ್ಯಕ್ರಮ ಬಂದಿದ್ದು ಈ ಸಂದರ್ಭದಲ್ಲಿ ಹಲವು ಗಣ್ಯರು ಭಾಗವಹಿಸಿದ್ದರು. ಜಿಲ್ಲಾ ಕಾರ್ಯದರ್ಶಿ 28 ವರ್ಷಗಳಿಂದ ಕೆಲಸ ಮಾಡುತ್ತಿದ್ದಾರೆ ಎಂದು ಶ್ಲಾಘಿಸಿದರು.

ಸಂಸ್ಥೆಯ ಅಧ್ಯಕ್ಷ ಎಸ್.ಕೆ.ಚಂದ್ರಶೇಖರ್ ಮಾತನಾಡಿ, ಯುವ ಪತ್ರಕರ್ತರಿಗೆ ಪ್ರಹ್ಲಾದ್‌ರಾವ್ ಅವರು ದಾರಿದೀಪವಾಗಿದ್ದಾರೆ. ಅವರ ಆದರ್ಶಗಳನ್ನು ಅಳವಡಿಸಿಕೊಳ್ಳಬೇಕು ಎಂದರು.

ಮೊಬೈಲ್ ಹೆಚ್ಚು ಬಳಕೆಯಿಂದ ಮಕ್ಕಳ ಕಣ್ಣಿಗೆ ಹಾನಿ

ಕೋಲಾರ,ಜ.30– ಮೊಬೈಲ್ ಹೆಚ್ಚು ಬಳಕೆಯಿಂದ ಮಕ್ಕಳ ಕಣ್ಣಿನ ದೃಷ್ಟಿಗೆ ಹಾನಿಯಾಗುತ್ತಿದೆ ಎಂದು ವೈದ್ಯರು ಎಚ್ಚರಿಸಿದ್ದಾರೆ.

ಈ ಕುರಿತು ಪೋಷಕರು ಹೆಚ್ಚಿನ ಗಮನ ಹರಿಸಬೇಕು. ಮಕ್ಕಳಿಗೆ ಹೊರಾಂಗಣ ಚಟುವಟಿಕೆಗಳಲ್ಲಿ ತೊಡಗಿಸಿಕೊಳ್ಳಲು ಪ್ರೋತ್ಸಾಹಿಸಬೇಕು ಎಂದರು.

ಬೆಂಗಳೂರು,ಜ.30– ಅಲ್ಪಸಂಖ್ಯಾತ ಸಮುದಾಯದಲ್ಲಿ ಶೈಕ್ಷಣಿಕ ಪ್ರಗತಿಯ ಬಗ್ಗೆ ಜಾಗೃತಿ ಮೂಡಿಸುವುದು ಅಗತ್ಯ ಎಂದು ಅಭಿಪ್ರಾಯಪಟ್ಟರು.
